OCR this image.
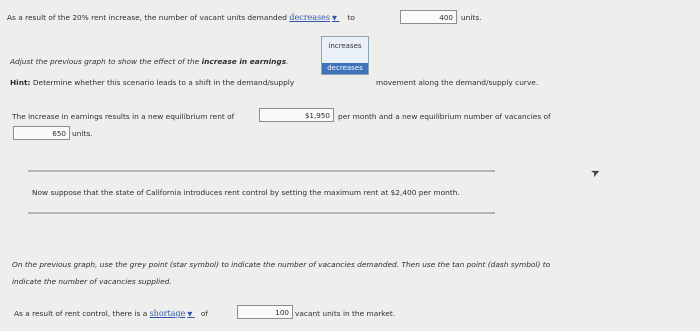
As a result of the 20% rent increase, the number of vacant units demanded decreases ▼ to	400	units.
increases
decreases
Adjust the previous graph to show the effect of the increase in earnings.
Hint: Determine whether this scenario leads to a shift in the demand/supply	movement along the demand/supply curve.
The increase in earnings results in a new equilibrium rent of	$1,950	per month and a new equilibrium number of vacancies of
650 units.
Now suppose that the state of California introduces rent control by setting the maximum rent at $2,400 per month.
➤
On the previous graph, use the grey point (star symbol) to indicate the number of vacancies demanded. Then use the tan point (dash symbol) to
indicate the number of vacancies supplied.
As a result of rent control, there is a shortage ▼ of	100 vacant units in the market.
